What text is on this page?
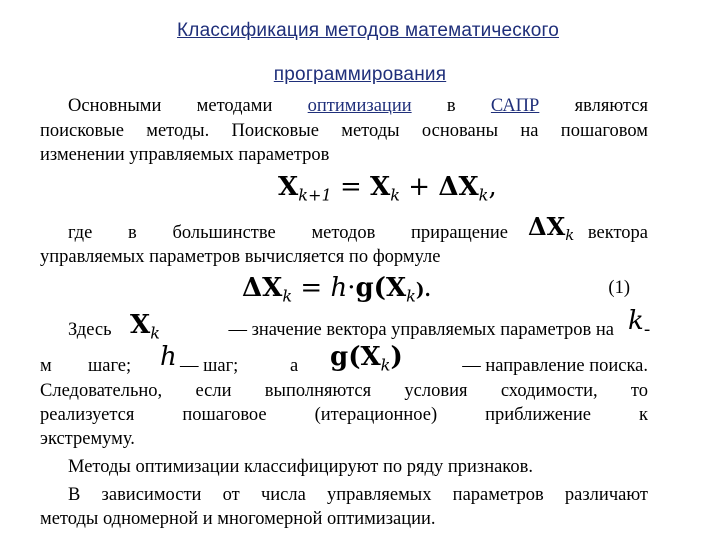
Классификация методов математического
программирования
Основными методами оптимизации в САПР являются
поисковые методы. Поисковые методы основаны на пошаговом
изменении управляемых параметров
$X_{k+1} = X_k + \Delta X_k$,
где в большинстве методов приращение $\Delta X_k$ вектора
управляемых параметров вычисляется по формуле
$\Delta X_k = h\cdot g(X_k)$.	(1)
Здесь $X_k$	— значение вектора управляемых параметров на k -
м	шаге;	h — шаг;	а	$g(X_k)$	— направление поиска.
Следовательно, если выполняются условия сходимости, то
реализуется	пошаговое	(итерационное)	приближение	к
экстремуму.
Методы оптимизации классифицируют по ряду признаков.
В зависимости от числа управляемых параметров различают
методы одномерной и многомерной оптимизации.
